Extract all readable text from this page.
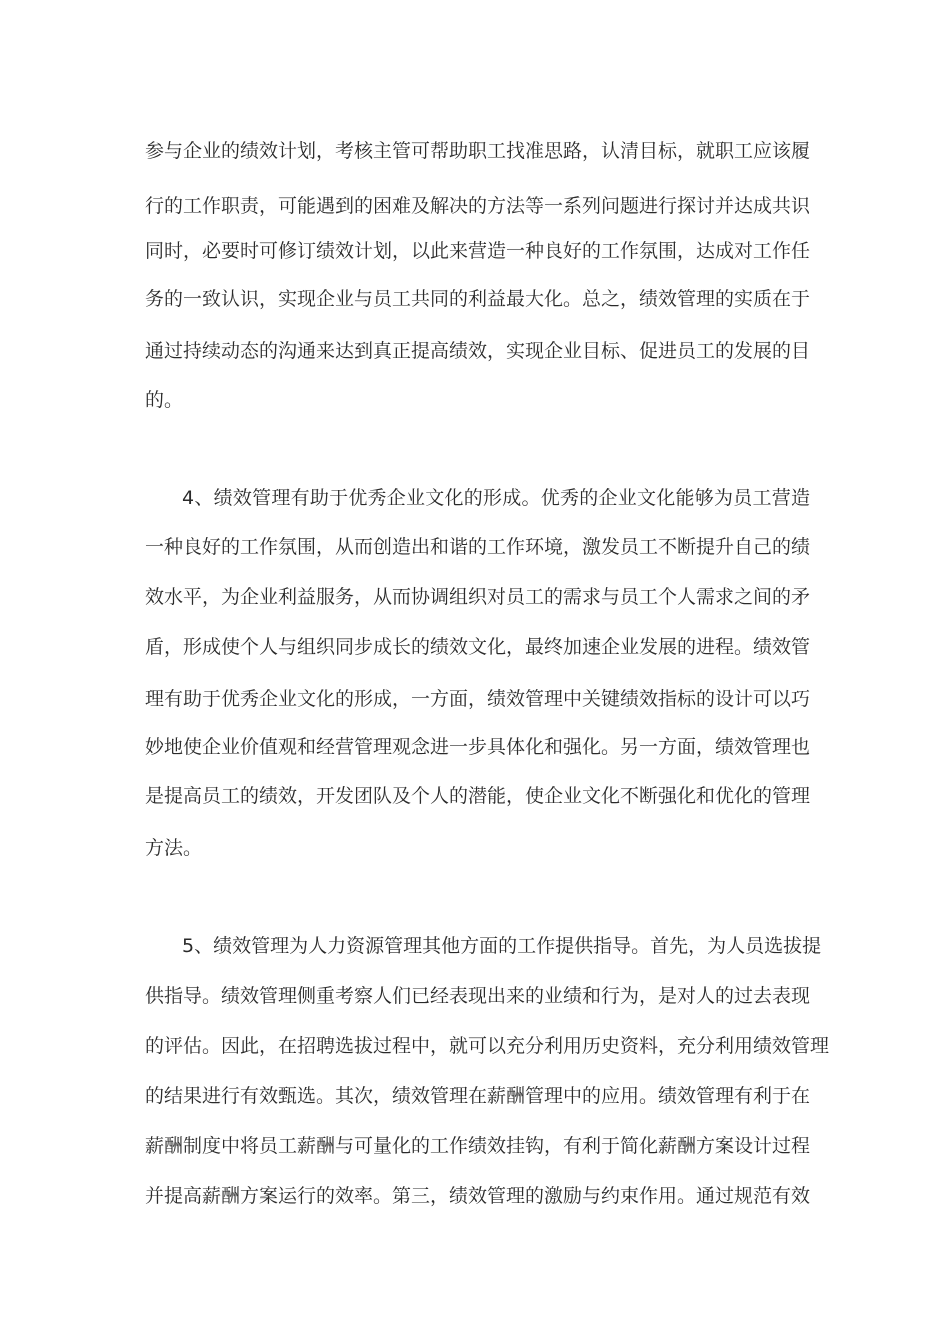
参与企业的绩效计划，考核主管可帮助职工找准思路，认清目标，就职工应该履
行的工作职责，可能遇到的困难及解决的方法等一系列问题进行探讨并达成共识
同时，必要时可修订绩效计划，以此来营造一种良好的工作氛围，达成对工作任
务的一致认识，实现企业与员工共同的利益最大化。总之，绩效管理的实质在于
通过持续动态的沟通来达到真正提高绩效，实现企业目标、促进员工的发展的目
的。
4、绩效管理有助于优秀企业文化的形成。优秀的企业文化能够为员工营造
一种良好的工作氛围，从而创造出和谐的工作环境，激发员工不断提升自己的绩
效水平，为企业利益服务，从而协调组织对员工的需求与员工个人需求之间的矛
盾，形成使个人与组织同步成长的绩效文化，最终加速企业发展的进程。绩效管
理有助于优秀企业文化的形成，一方面，绩效管理中关键绩效指标的设计可以巧
妙地使企业价值观和经营管理观念进一步具体化和强化。另一方面，绩效管理也
是提高员工的绩效，开发团队及个人的潜能，使企业文化不断强化和优化的管理
方法。
5、绩效管理为人力资源管理其他方面的工作提供指导。首先，为人员选拔提
供指导。绩效管理侧重考察人们已经表现出来的业绩和行为，是对人的过去表现
的评估。因此，在招聘选拔过程中，就可以充分利用历史资料，充分利用绩效管理
的结果进行有效甄选。其次，绩效管理在薪酬管理中的应用。绩效管理有利于在
薪酬制度中将员工薪酬与可量化的工作绩效挂钩，有利于简化薪酬方案设计过程
并提高薪酬方案运行的效率。第三，绩效管理的激励与约束作用。通过规范有效
